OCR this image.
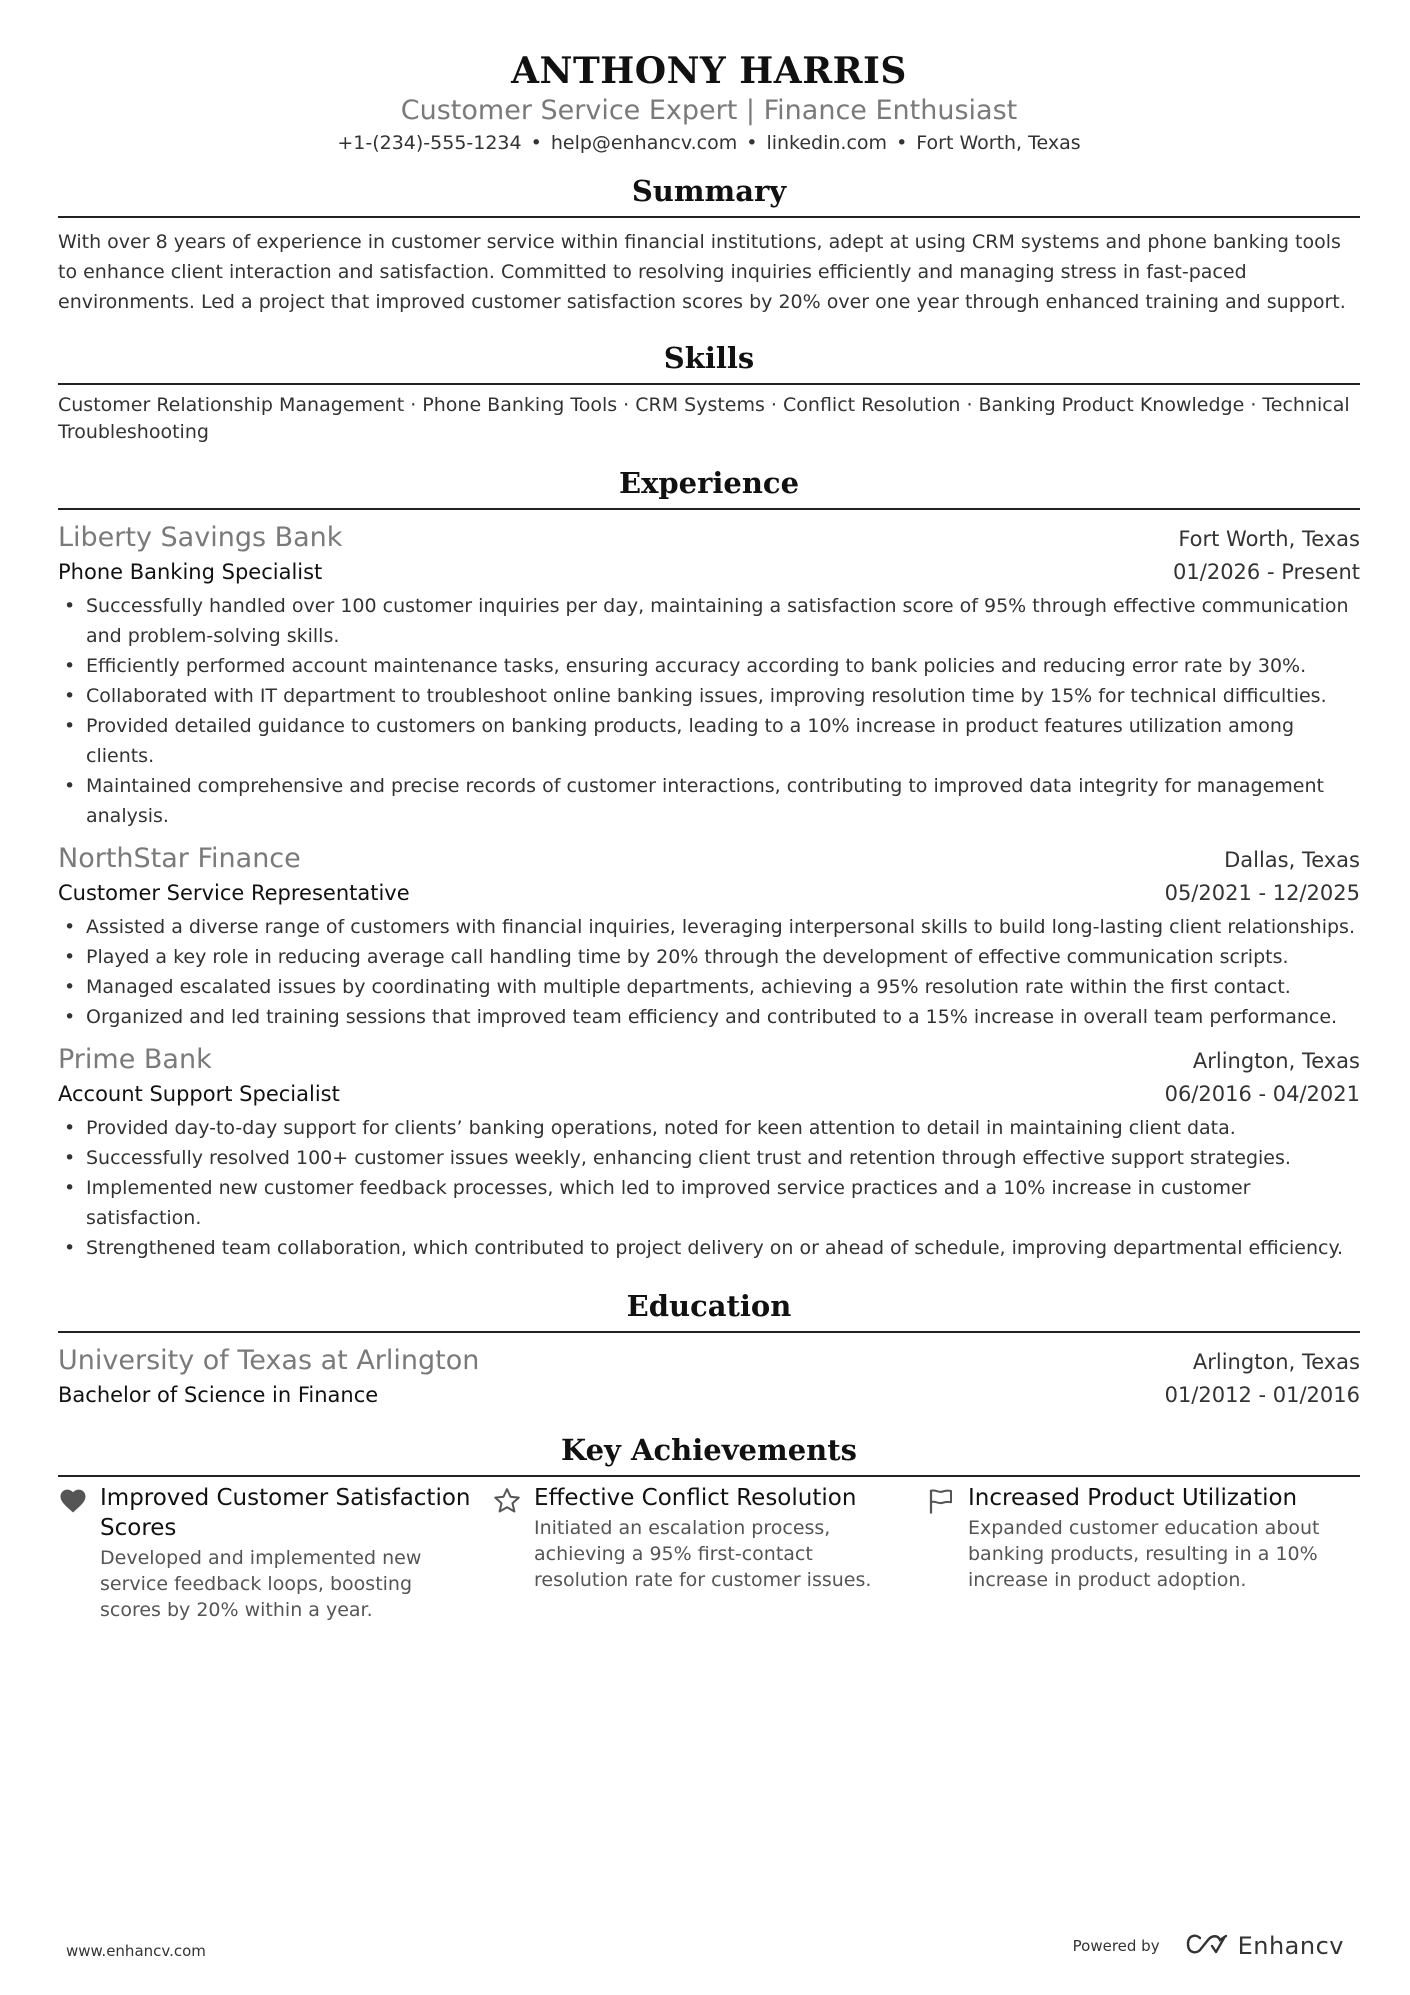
ANTHONY HARRIS
Customer Service Expert | Finance Enthusiast
+1-(234)-555-1234 • help@enhancv.com • linkedin.com • Fort Worth, Texas
Summary
With over 8 years of experience in customer service within financial institutions, adept at using CRM systems and phone banking tools to enhance client interaction and satisfaction. Committed to resolving inquiries efficiently and managing stress in fast-paced environments. Led a project that improved customer satisfaction scores by 20% over one year through enhanced training and support.
Skills
Customer Relationship Management · Phone Banking Tools · CRM Systems · Conflict Resolution · Banking Product Knowledge · Technical Troubleshooting
Experience
Liberty Savings Bank	Fort Worth, Texas
Phone Banking Specialist	01/2026 - Present
• Successfully handled over 100 customer inquiries per day, maintaining a satisfaction score of 95% through effective communication and problem-solving skills.
• Efficiently performed account maintenance tasks, ensuring accuracy according to bank policies and reducing error rate by 30%.
• Collaborated with IT department to troubleshoot online banking issues, improving resolution time by 15% for technical difficulties.
• Provided detailed guidance to customers on banking products, leading to a 10% increase in product features utilization among clients.
• Maintained comprehensive and precise records of customer interactions, contributing to improved data integrity for management analysis.
NorthStar Finance	Dallas, Texas
Customer Service Representative	05/2021 - 12/2025
• Assisted a diverse range of customers with financial inquiries, leveraging interpersonal skills to build long-lasting client relationships.
• Played a key role in reducing average call handling time by 20% through the development of effective communication scripts.
• Managed escalated issues by coordinating with multiple departments, achieving a 95% resolution rate within the first contact.
• Organized and led training sessions that improved team efficiency and contributed to a 15% increase in overall team performance.
Prime Bank	Arlington, Texas
Account Support Specialist	06/2016 - 04/2021
• Provided day-to-day support for clients’ banking operations, noted for keen attention to detail in maintaining client data.
• Successfully resolved 100+ customer issues weekly, enhancing client trust and retention through effective support strategies.
• Implemented new customer feedback processes, which led to improved service practices and a 10% increase in customer satisfaction.
• Strengthened team collaboration, which contributed to project delivery on or ahead of schedule, improving departmental efficiency.
Education
University of Texas at Arlington	Arlington, Texas
Bachelor of Science in Finance	01/2012 - 01/2016
Key Achievements
Improved Customer Satisfaction Scores
Developed and implemented new service feedback loops, boosting scores by 20% within a year.
Effective Conflict Resolution
Initiated an escalation process, achieving a 95% first-contact resolution rate for customer issues.
Increased Product Utilization
Expanded customer education about banking products, resulting in a 10% increase in product adoption.
www.enhancv.com	Powered by	Enhancv
